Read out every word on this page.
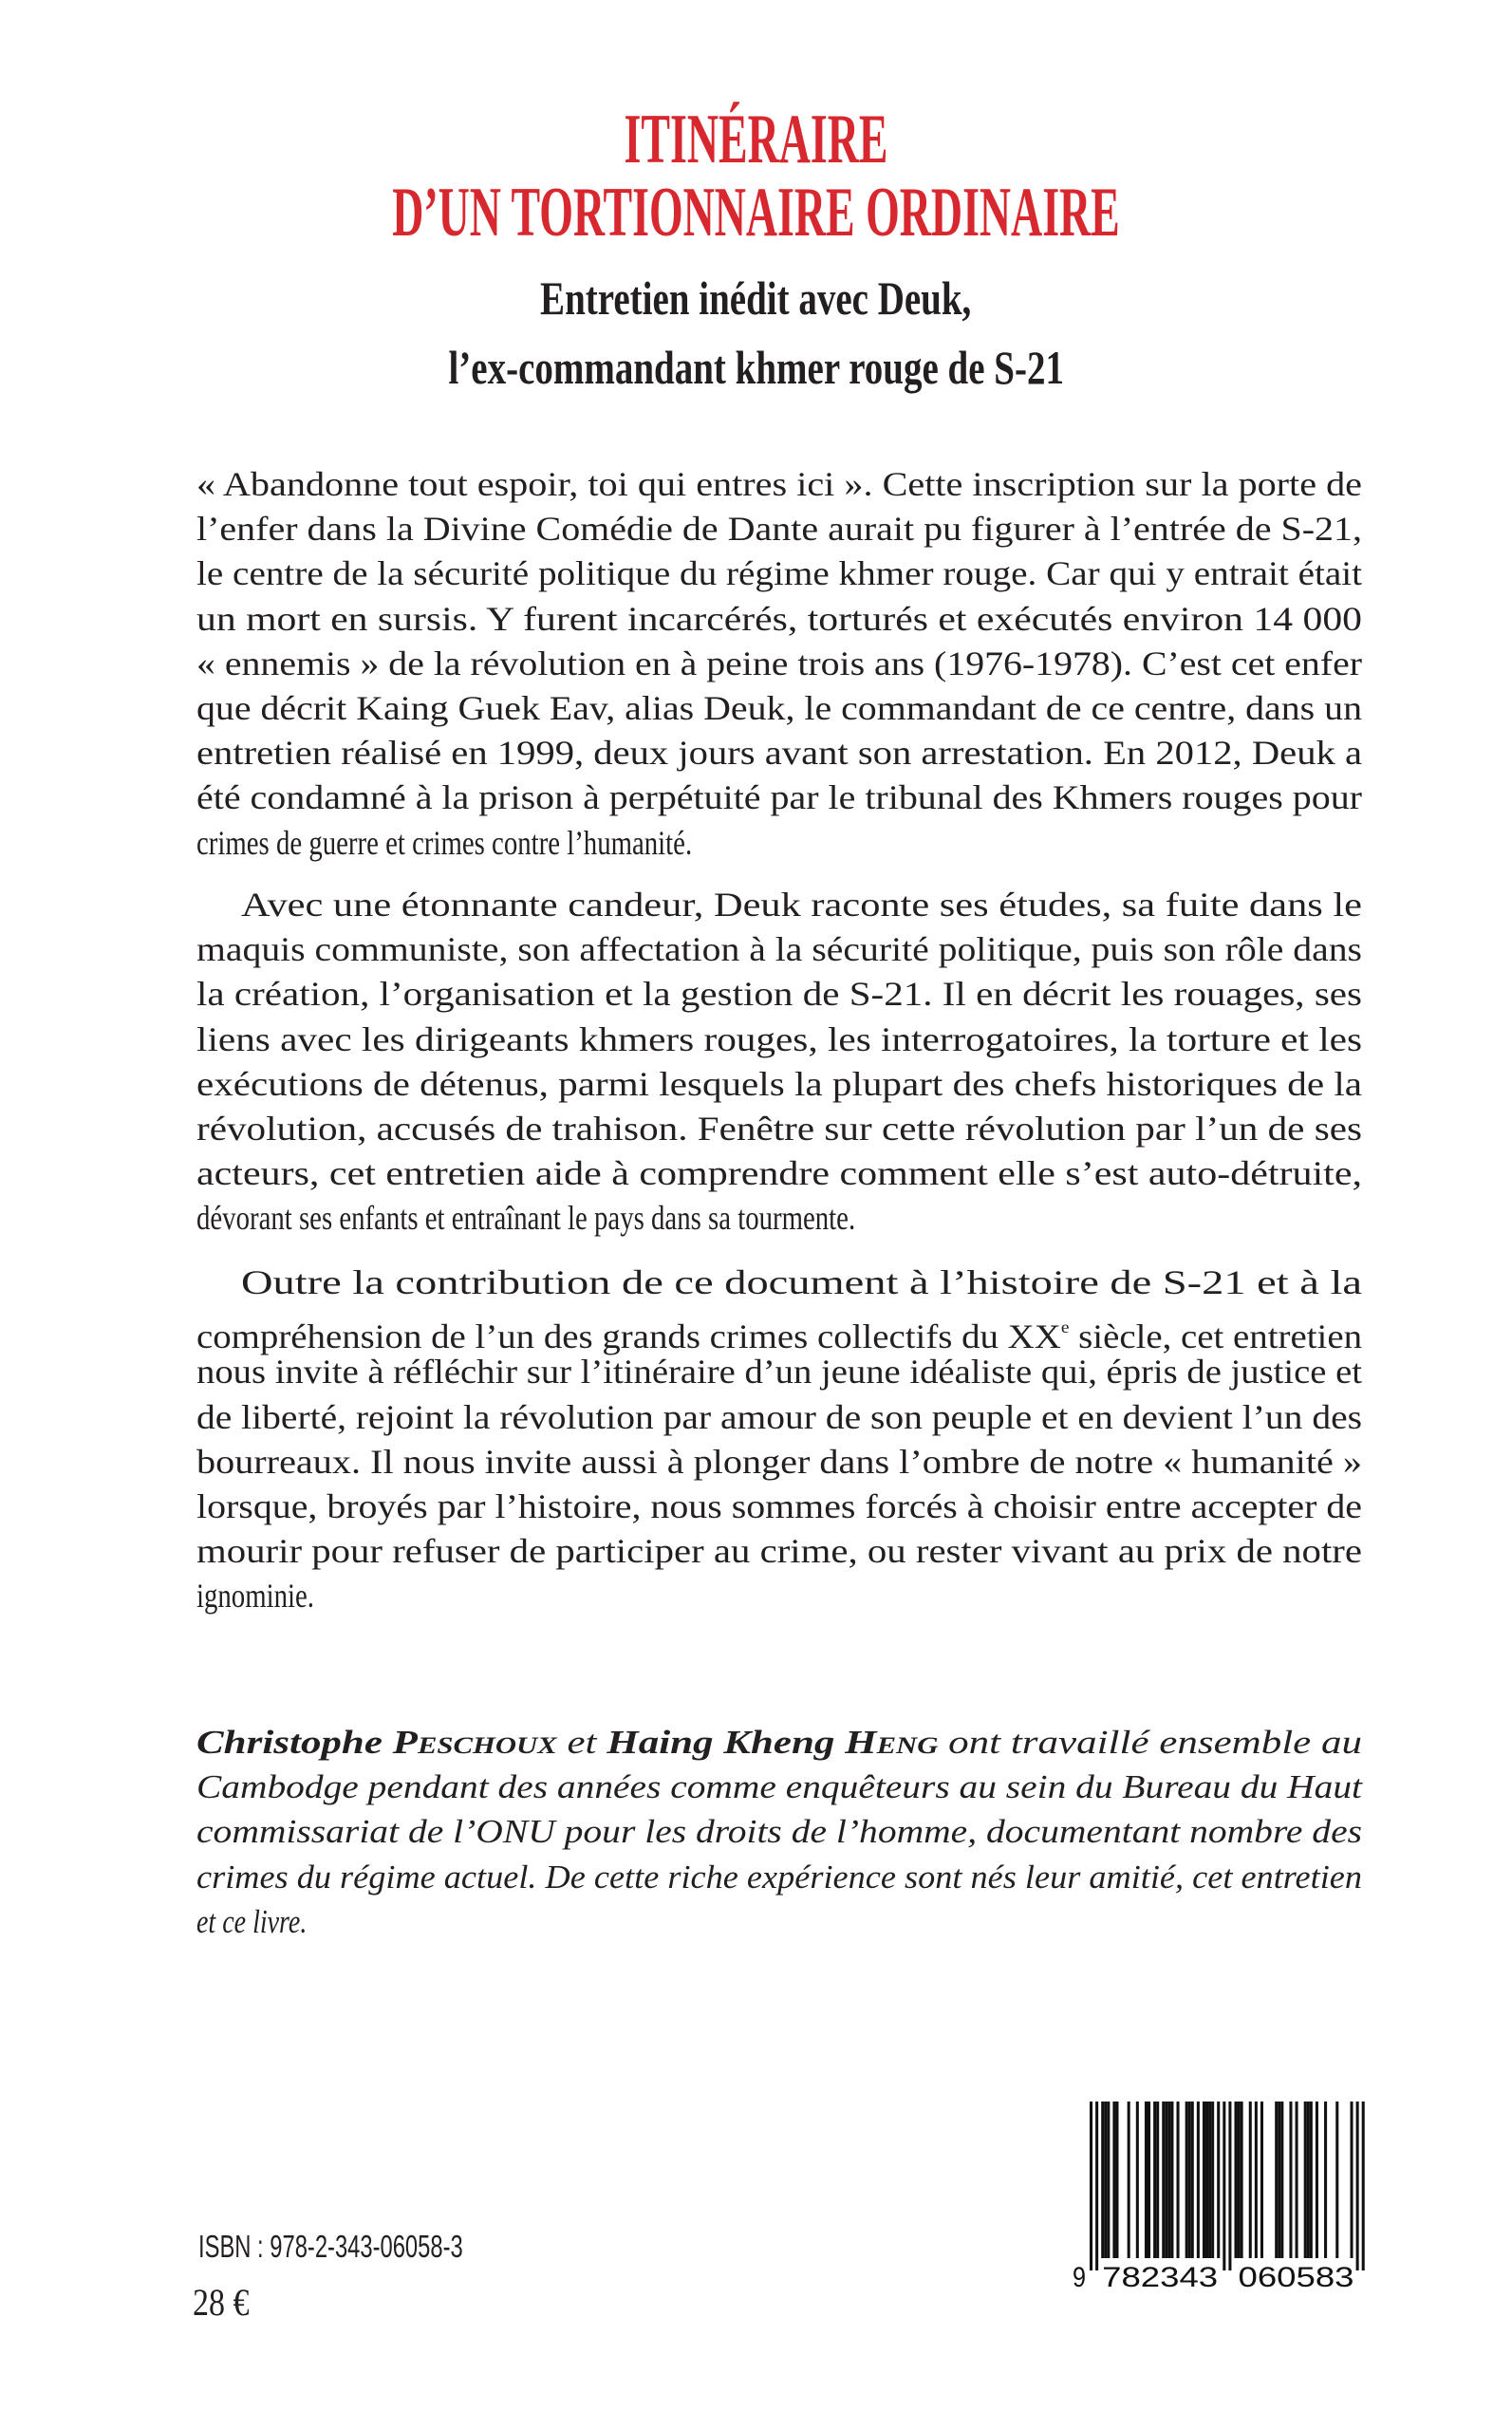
ITINÉRAIRE
D’UN TORTIONNAIRE ORDINAIRE
Entretien inédit avec Deuk,
l’ex-commandant khmer rouge de S-21
« Abandonne tout espoir, toi qui entres ici ». Cette inscription sur la porte de
l’enfer dans la Divine Comédie de Dante aurait pu figurer à l’entrée de S-21,
le centre de la sécurité politique du régime khmer rouge. Car qui y entrait était
un mort en sursis. Y furent incarcérés, torturés et exécutés environ 14 000
« ennemis » de la révolution en à peine trois ans (1976-1978). C’est cet enfer
que décrit Kaing Guek Eav, alias Deuk, le commandant de ce centre, dans un
entretien réalisé en 1999, deux jours avant son arrestation. En 2012, Deuk a
été condamné à la prison à perpétuité par le tribunal des Khmers rouges pour
crimes de guerre et crimes contre l’humanité.
Avec une étonnante candeur, Deuk raconte ses études, sa fuite dans le
maquis communiste, son affectation à la sécurité politique, puis son rôle dans
la création, l’organisation et la gestion de S-21. Il en décrit les rouages, ses
liens avec les dirigeants khmers rouges, les interrogatoires, la torture et les
exécutions de détenus, parmi lesquels la plupart des chefs historiques de la
révolution, accusés de trahison. Fenêtre sur cette révolution par l’un de ses
acteurs, cet entretien aide à comprendre comment elle s’est auto-détruite,
dévorant ses enfants et entraînant le pays dans sa tourmente.
Outre la contribution de ce document à l’histoire de S-21 et à la
compréhension de l’un des grands crimes collectifs du XXe siècle, cet entretien
nous invite à réfléchir sur l’itinéraire d’un jeune idéaliste qui, épris de justice et
de liberté, rejoint la révolution par amour de son peuple et en devient l’un des
bourreaux. Il nous invite aussi à plonger dans l’ombre de notre « humanité »
lorsque, broyés par l’histoire, nous sommes forcés à choisir entre accepter de
mourir pour refuser de participer au crime, ou rester vivant au prix de notre
ignominie.
Christophe Peschoux et Haing Kheng Heng ont travaillé ensemble au
Cambodge pendant des années comme enquêteurs au sein du Bureau du Haut
commissariat de l’ONU pour les droits de l’homme, documentant nombre des
crimes du régime actuel. De cette riche expérience sont nés leur amitié, cet entretien
et ce livre.
ISBN : 978-2-343-06058-3
28 €
9 782343 060583
